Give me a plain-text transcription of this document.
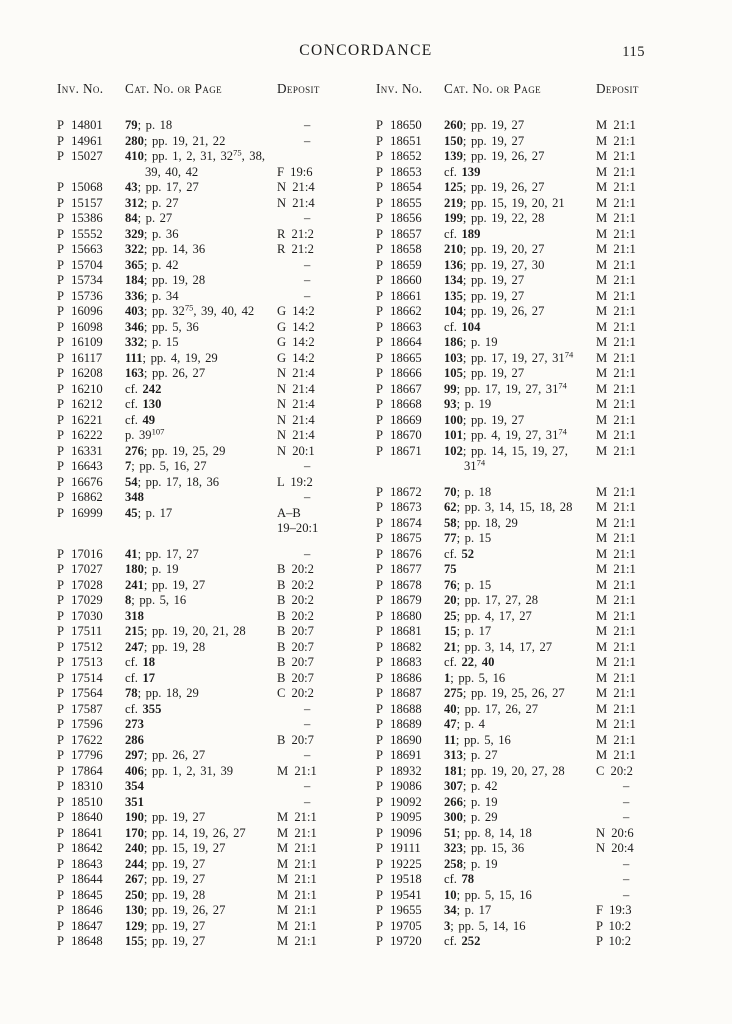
CONCORDANCE	115
Inv. No.	Cat. No. or Page	Deposit
P 14801	79; p. 18	–
P 14961	280; pp. 19, 21, 22	–
P 15027	410; pp. 1, 2, 31, $32^{75}$, 38,
39, 40, 42	F 19:6
P 15068	43; pp. 17, 27	N 21:4
P 15157	312; p. 27	N 21:4
P 15386	84; p. 27	–
P 15552	329; p. 36	R 21:2
P 15663	322; pp. 14, 36	R 21:2
P 15704	365; p. 42	–
P 15734	184; pp. 19, 28	–
P 15736	336; p. 34	–
P 16096	403; pp. $32^{75}$, 39, 40, 42	G 14:2
P 16098	346; pp. 5, 36	G 14:2
P 16109	332; p. 15	G 14:2
P 16117	111; pp. 4, 19, 29	G 14:2
P 16208	163; pp. 26, 27	N 21:4
P 16210	cf. 242	N 21:4
P 16212	cf. 130	N 21:4
P 16221	cf. 49	N 21:4
P 16222	p. $39^{107}$	N 21:4
P 16331	276; pp. 19, 25, 29	N 20:1
P 16643	7; pp. 5, 16, 27	–
P 16676	54; pp. 17, 18, 36	L 19:2
P 16862	348	–
P 16999	45; p. 17	A–B
19–20:1
P 17016	41; pp. 17, 27	–
P 17027	180; p. 19	B 20:2
P 17028	241; pp. 19, 27	B 20:2
P 17029	8; pp. 5, 16	B 20:2
P 17030	318	B 20:2
P 17511	215; pp. 19, 20, 21, 28	B 20:7
P 17512	247; pp. 19, 28	B 20:7
P 17513	cf. 18	B 20:7
P 17514	cf. 17	B 20:7
P 17564	78; pp. 18, 29	C 20:2
P 17587	cf. 355	–
P 17596	273	–
P 17622	286	B 20:7
P 17796	297; pp. 26, 27	–
P 17864	406; pp. 1, 2, 31, 39	M 21:1
P 18310	354	–
P 18510	351	–
P 18640	190; pp. 19, 27	M 21:1
P 18641	170; pp. 14, 19, 26, 27	M 21:1
P 18642	240; pp. 15, 19, 27	M 21:1
P 18643	244; pp. 19, 27	M 21:1
P 18644	267; pp. 19, 27	M 21:1
P 18645	250; pp. 19, 28	M 21:1
P 18646	130; pp. 19, 26, 27	M 21:1
P 18647	129; pp. 19, 27	M 21:1
P 18648	155; pp. 19, 27	M 21:1
Inv. No.	Cat. No. or Page	Deposit
P 18650	260; pp. 19, 27	M 21:1
P 18651	150; pp. 19, 27	M 21:1
P 18652	139; pp. 19, 26, 27	M 21:1
P 18653	cf. 139	M 21:1
P 18654	125; pp. 19, 26, 27	M 21:1
P 18655	219; pp. 15, 19, 20, 21	M 21:1
P 18656	199; pp. 19, 22, 28	M 21:1
P 18657	cf. 189	M 21:1
P 18658	210; pp. 19, 20, 27	M 21:1
P 18659	136; pp. 19, 27, 30	M 21:1
P 18660	134; pp. 19, 27	M 21:1
P 18661	135; pp. 19, 27	M 21:1
P 18662	104; pp. 19, 26, 27	M 21:1
P 18663	cf. 104	M 21:1
P 18664	186; p. 19	M 21:1
P 18665	103; pp. 17, 19, 27, $31^{74}$	M 21:1
P 18666	105; pp. 19, 27	M 21:1
P 18667	99; pp. 17, 19, 27, $31^{74}$	M 21:1
P 18668	93; p. 19	M 21:1
P 18669	100; pp. 19, 27	M 21:1
P 18670	101; pp. 4, 19, 27, $31^{74}$	M 21:1
P 18671	102; pp. 14, 15, 19, 27,
$31^{74}$
M 21:1
P 18672	70; p. 18	M 21:1
P 18673	62; pp. 3, 14, 15, 18, 28	M 21:1
P 18674	58; pp. 18, 29	M 21:1
P 18675	77; p. 15	M 21:1
P 18676	cf. 52	M 21:1
P 18677	75	M 21:1
P 18678	76; p. 15	M 21:1
P 18679	20; pp. 17, 27, 28	M 21:1
P 18680	25; pp. 4, 17, 27	M 21:1
P 18681	15; p. 17	M 21:1
P 18682	21; pp. 3, 14, 17, 27	M 21:1
P 18683	cf. 22, 40	M 21:1
P 18686	1; pp. 5, 16	M 21:1
P 18687	275; pp. 19, 25, 26, 27	M 21:1
P 18688	40; pp. 17, 26, 27	M 21:1
P 18689	47; p. 4	M 21:1
P 18690	11; pp. 5, 16	M 21:1
P 18691	313; p. 27	M 21:1
P 18932	181; pp. 19, 20, 27, 28	C 20:2
P 19086	307; p. 42	–
P 19092	266; p. 19	–
P 19095	300; p. 29	–
P 19096	51; pp. 8, 14, 18	N 20:6
P 19111	323; pp. 15, 36	N 20:4
P 19225	258; p. 19	–
P 19518	cf. 78	–
P 19541	10; pp. 5, 15, 16	–
P 19655	34; p. 17	F 19:3
P 19705	3; pp. 5, 14, 16	P 10:2
P 19720	cf. 252	P 10:2
